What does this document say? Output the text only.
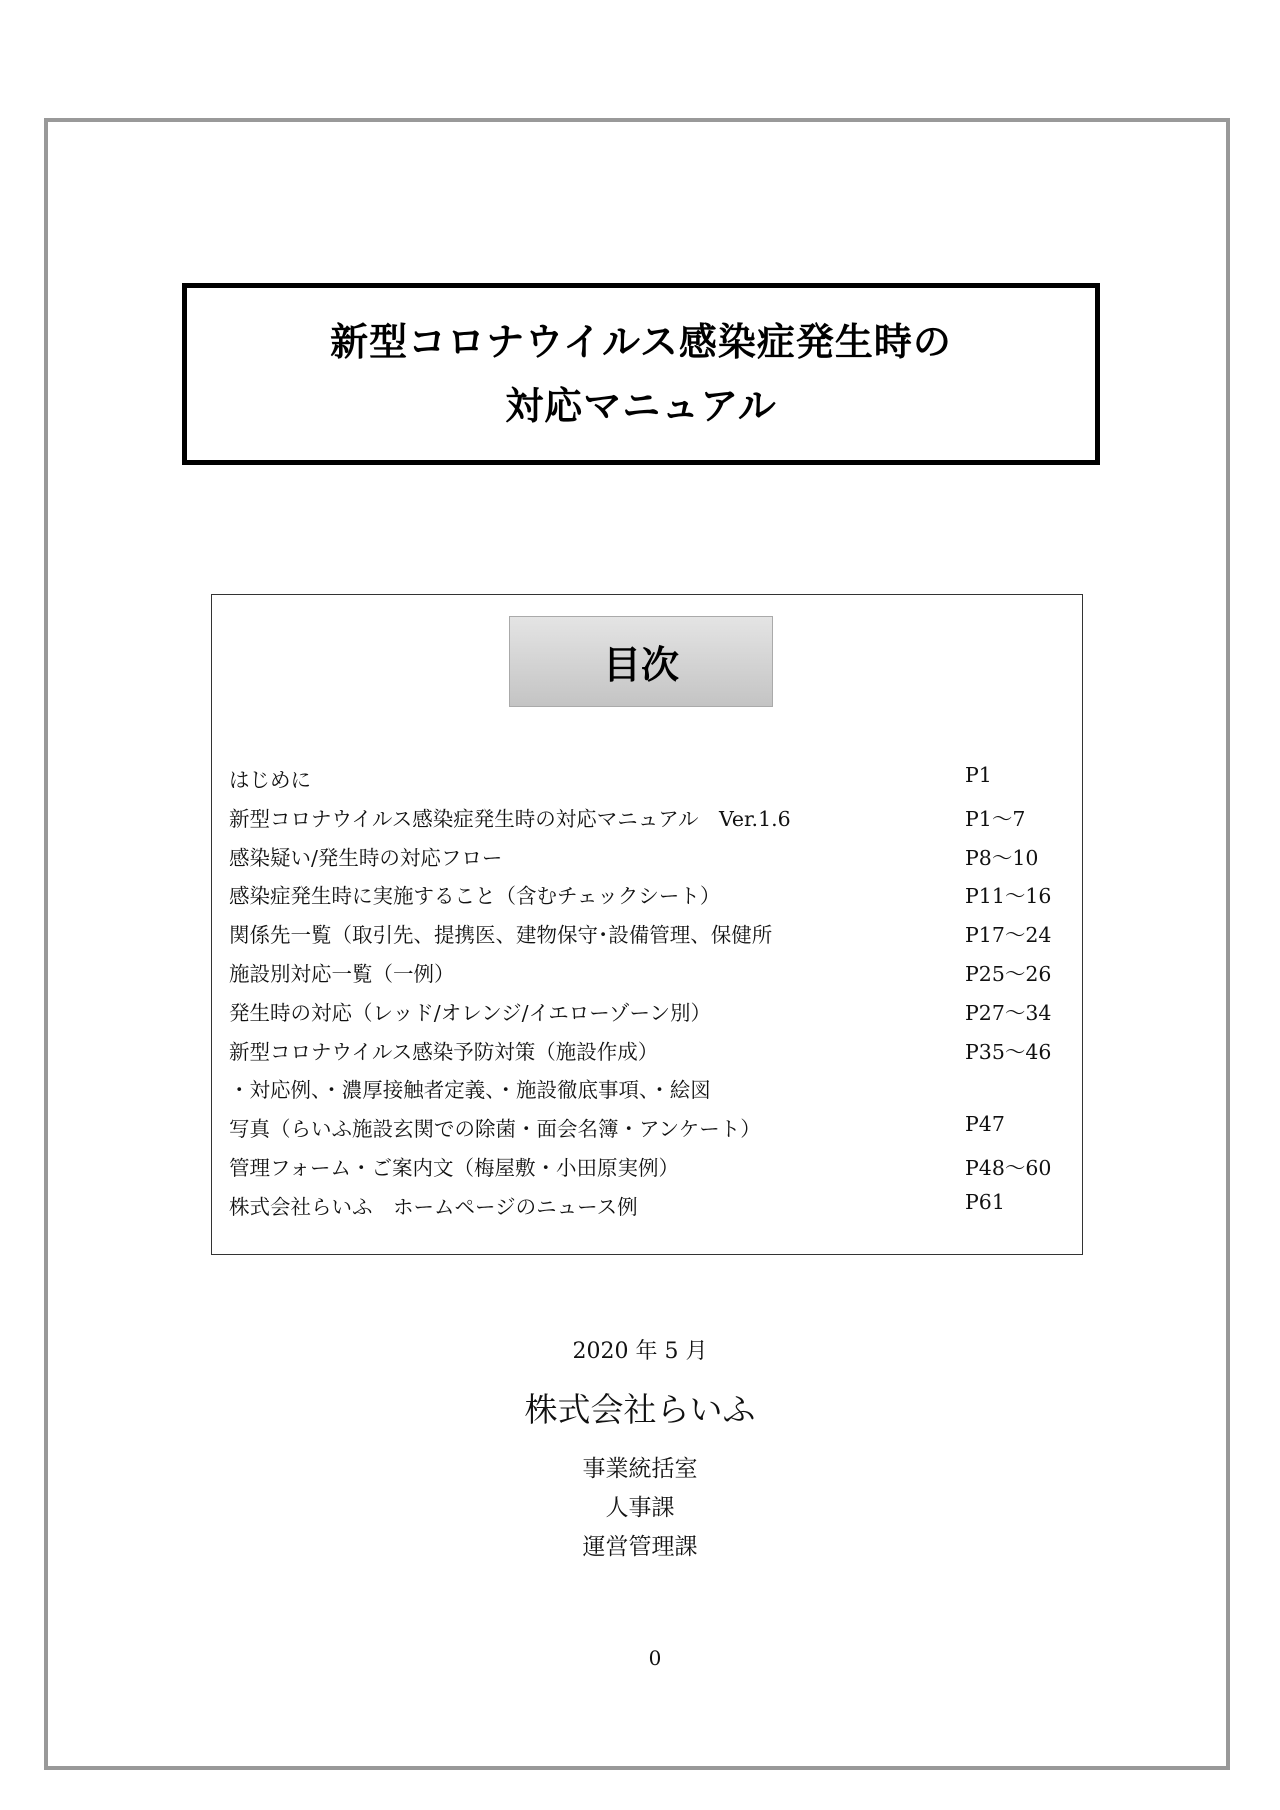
新型コロナウイルス感染症発生時の
対応マニュアル
目次
はじめに	P1
新型コロナウイルス感染症発生時の対応マニュアル　Ver.1.6	P1～7
感染疑い/発生時の対応フロー	P8～10
感染症発生時に実施すること（含むチェックシート）	P11～16
関係先一覧（取引先、提携医、建物保守･設備管理、保健所	P17～24
施設別対応一覧（一例）	P25～26
発生時の対応（レッド/オレンジ/イエローゾーン別）	P27～34
新型コロナウイルス感染予防対策（施設作成）	P35～46
・対応例、・濃厚接触者定義、・施設徹底事項、・絵図
写真（らいふ施設玄関での除菌・面会名簿・アンケート）	P47
管理フォーム・ご案内文（梅屋敷・小田原実例）	P48～60
株式会社らいふ　ホームページのニュース例	P61
2020 年 5 月
株式会社らいふ
事業統括室
人事課
運営管理課
0
